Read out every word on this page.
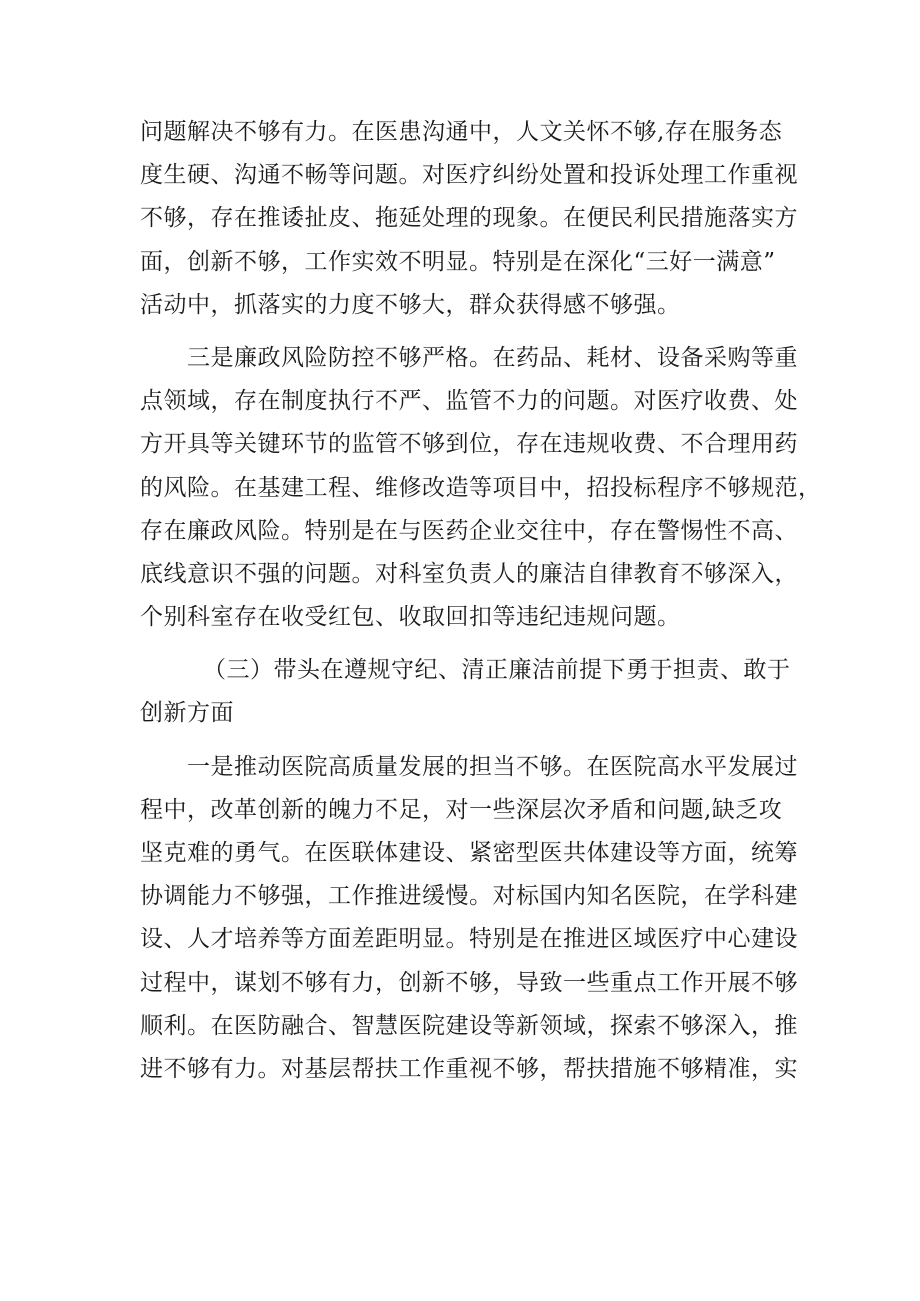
问题解决不够有力。在医患沟通中，人文关怀不够,存在服务态
度生硬、沟通不畅等问题。对医疗纠纷处置和投诉处理工作重视
不够，存在推诿扯皮、拖延处理的现象。在便民利民措施落实方
面，创新不够，工作实效不明显。特别是在深化“三好一满意”
活动中，抓落实的力度不够大，群众获得感不够强。
三是廉政风险防控不够严格。在药品、耗材、设备采购等重
点领域，存在制度执行不严、监管不力的问题。对医疗收费、处
方开具等关键环节的监管不够到位，存在违规收费、不合理用药
的风险。在基建工程、维修改造等项目中，招投标程序不够规范，
存在廉政风险。特别是在与医药企业交往中，存在警惕性不高、
底线意识不强的问题。对科室负责人的廉洁自律教育不够深入，
个别科室存在收受红包、收取回扣等违纪违规问题。
（三）带头在遵规守纪、清正廉洁前提下勇于担责、敢于
创新方面
一是推动医院高质量发展的担当不够。在医院高水平发展过
程中，改革创新的魄力不足，对一些深层次矛盾和问题,缺乏攻
坚克难的勇气。在医联体建设、紧密型医共体建设等方面，统筹
协调能力不够强，工作推进缓慢。对标国内知名医院，在学科建
设、人才培养等方面差距明显。特别是在推进区域医疗中心建设
过程中，谋划不够有力，创新不够，导致一些重点工作开展不够
顺利。在医防融合、智慧医院建设等新领域，探索不够深入，推
进不够有力。对基层帮扶工作重视不够，帮扶措施不够精准，实
